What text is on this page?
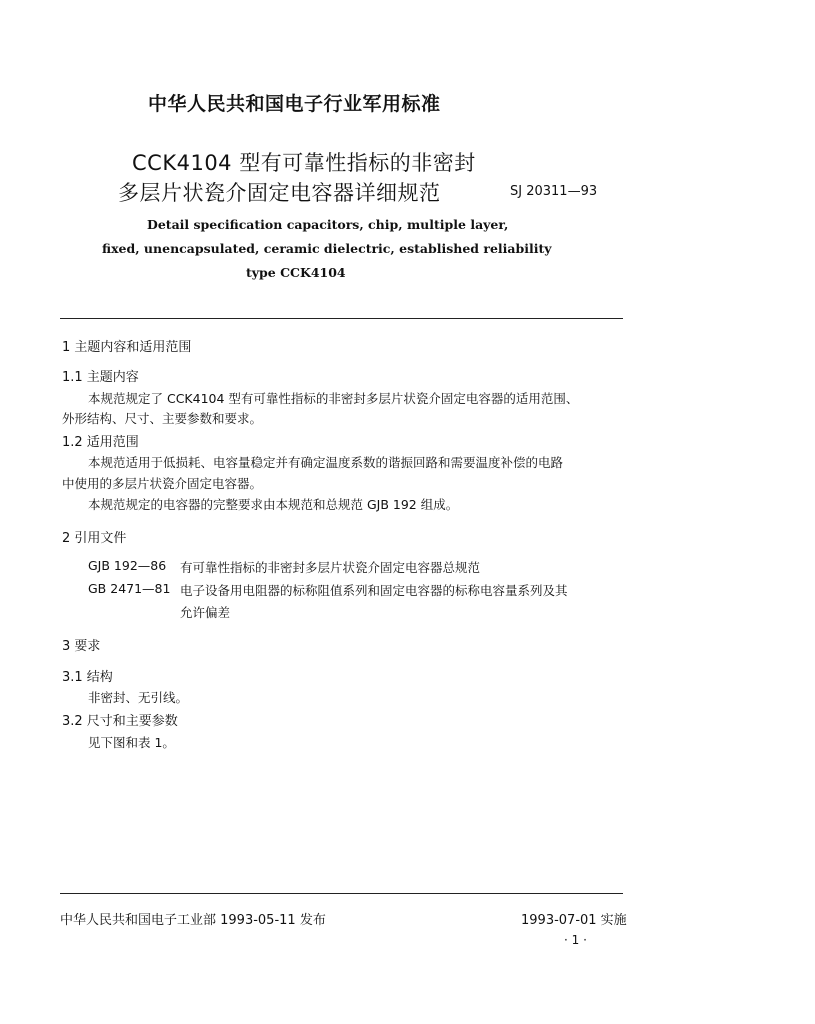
中华人民共和国电子行业军用标准
CCK4104 型有可靠性指标的非密封
多层片状瓷介固定电容器详细规范	SJ 20311—93
Detail specification capacitors, chip, multiple layer,
fixed, unencapsulated, ceramic dielectric, established reliability
type CCK4104
1 主题内容和适用范围
1.1 主题内容
本规范规定了 CCK4104 型有可靠性指标的非密封多层片状瓷介固定电容器的适用范围、
外形结构、尺寸、主要参数和要求。
1.2 适用范围
本规范适用于低损耗、电容量稳定并有确定温度系数的谐振回路和需要温度补偿的电路
中使用的多层片状瓷介固定电容器。
本规范规定的电容器的完整要求由本规范和总规范 GJB 192 组成。
2 引用文件
GJB 192—86 有可靠性指标的非密封多层片状瓷介固定电容器总规范
GB 2471—81 电子设备用电阻器的标称阻值系列和固定电容器的标称电容量系列及其
允许偏差
3 要求
3.1 结构
非密封、无引线。
3.2 尺寸和主要参数
见下图和表 1。
中华人民共和国电子工业部 1993-05-11 发布	1993-07-01 实施
· 1 ·
